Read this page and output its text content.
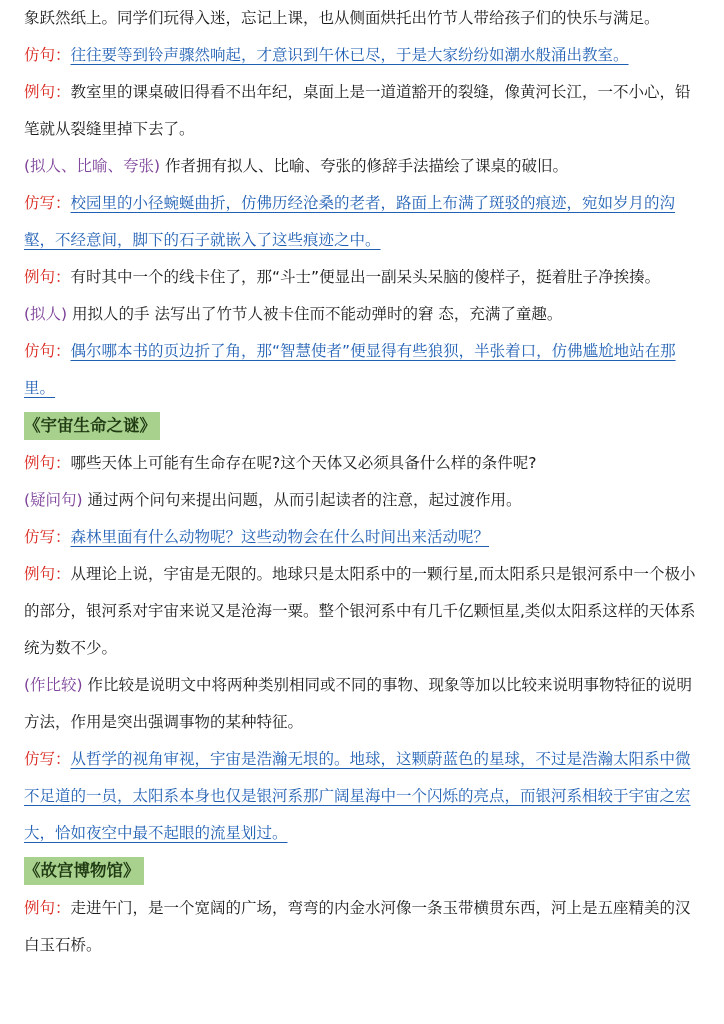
象跃然纸上。同学们玩得入迷，忘记上课，也从侧面烘托出竹节人带给孩子们的快乐与满足。

仿句：往往要等到铃声骤然响起，才意识到午休已尽，于是大家纷纷如潮水般涌出教室。

例句：教室里的课桌破旧得看不出年纪，桌面上是一道道豁开的裂缝，像黄河长江，一不小心，铅笔就从裂缝里掉下去了。

(拟人、比喻、夸张) 作者拥有拟人、比喻、夸张的修辞手法描绘了课桌的破旧。

仿写：校园里的小径蜿蜒曲折，仿佛历经沧桑的老者，路面上布满了斑驳的痕迹，宛如岁月的沟壑，不经意间，脚下的石子就嵌入了这些痕迹之中。

例句：有时其中一个的线卡住了，那“斗士”便显出一副呆头呆脑的傻样子，挺着肚子净挨揍。

(拟人) 用拟人的手 法写出了竹节人被卡住而不能动弹时的窘 态，充满了童趣。

仿句：偶尔哪本书的页边折了角，那“智慧使者”便显得有些狼狈，半张着口，仿佛尴尬地站在那里。

《宇宙生命之谜》

例句：哪些天体上可能有生命存在呢?这个天体又必须具备什么样的条件呢?

(疑问句) 通过两个问句来提出问题，从而引起读者的注意，起过渡作用。

仿写：森林里面有什么动物呢？这些动物会在什么时间出来活动呢？

例句：从理论上说，宇宙是无限的。地球只是太阳系中的一颗行星,而太阳系只是银河系中一个极小的部分，银河系对宇宙来说又是沧海一粟。整个银河系中有几千亿颗恒星,类似太阳系这样的天体系统为数不少。

(作比较) 作比较是说明文中将两种类别相同或不同的事物、现象等加以比较来说明事物特征的说明方法，作用是突出强调事物的某种特征。

仿写：从哲学的视角审视，宇宙是浩瀚无垠的。地球，这颗蔚蓝色的星球，不过是浩瀚太阳系中微不足道的一员，太阳系本身也仅是银河系那广阔星海中一个闪烁的亮点，而银河系相较于宇宙之宏大，恰如夜空中最不起眼的流星划过。

《故宫博物馆》

例句：走进午门，是一个宽阔的广场，弯弯的内金水河像一条玉带横贯东西，河上是五座精美的汉白玉石桥。
